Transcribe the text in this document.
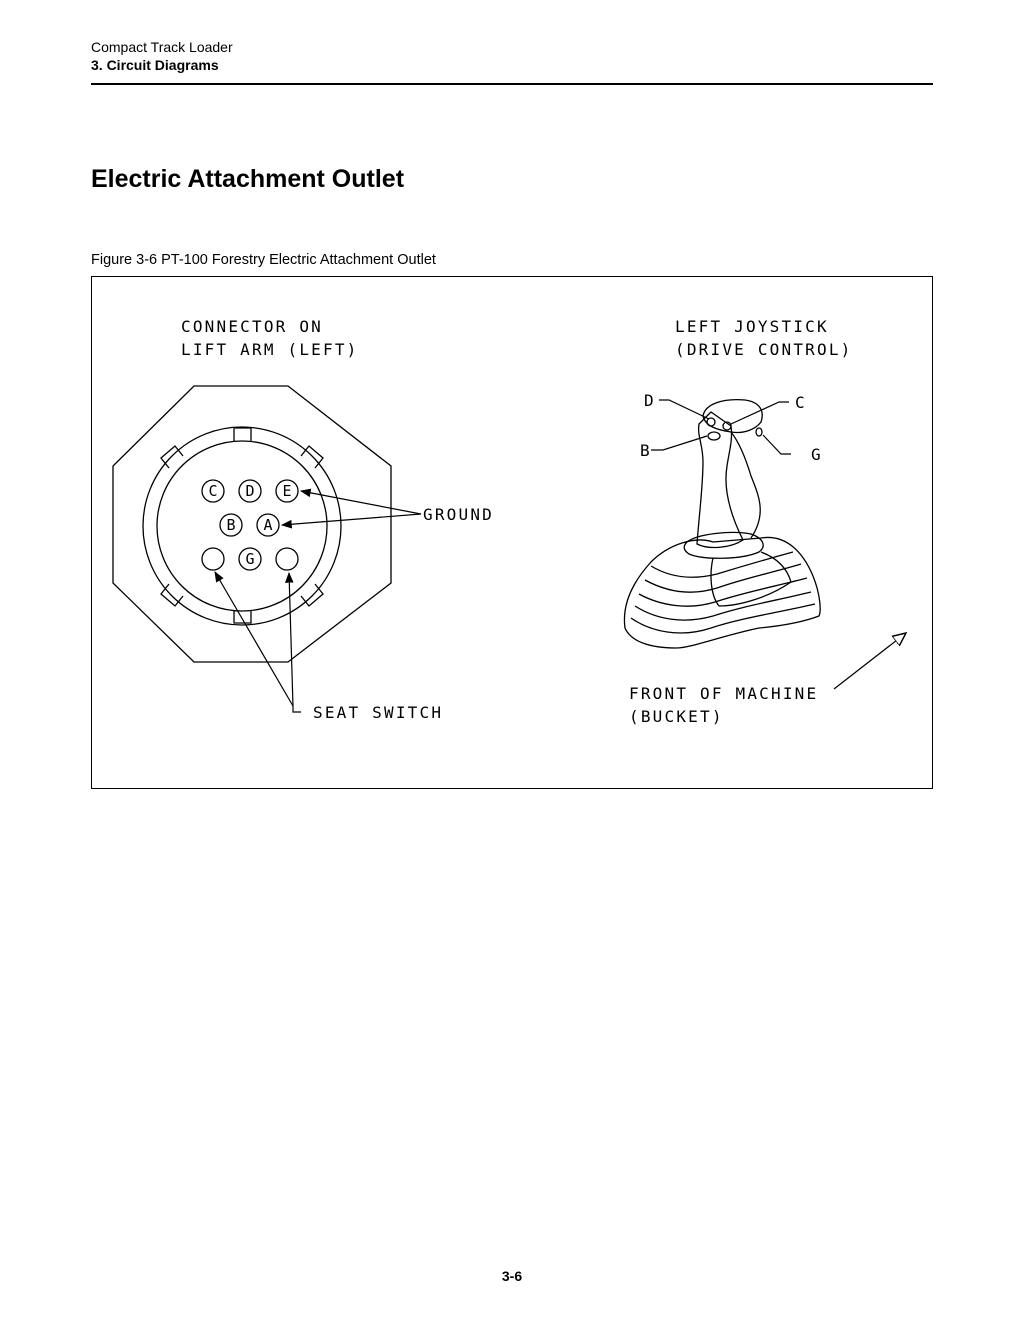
Compact Track Loader
3. Circuit Diagrams
Electric Attachment Outlet
Figure 3-6 PT-100 Forestry Electric Attachment Outlet
CONNECTOR ON
LIFT ARM (LEFT)
C D E
B A
G
GROUND
SEAT SWITCH
LEFT JOYSTICK
(DRIVE CONTROL)
D	C
B	G
FRONT OF MACHINE
(BUCKET)
3-6
